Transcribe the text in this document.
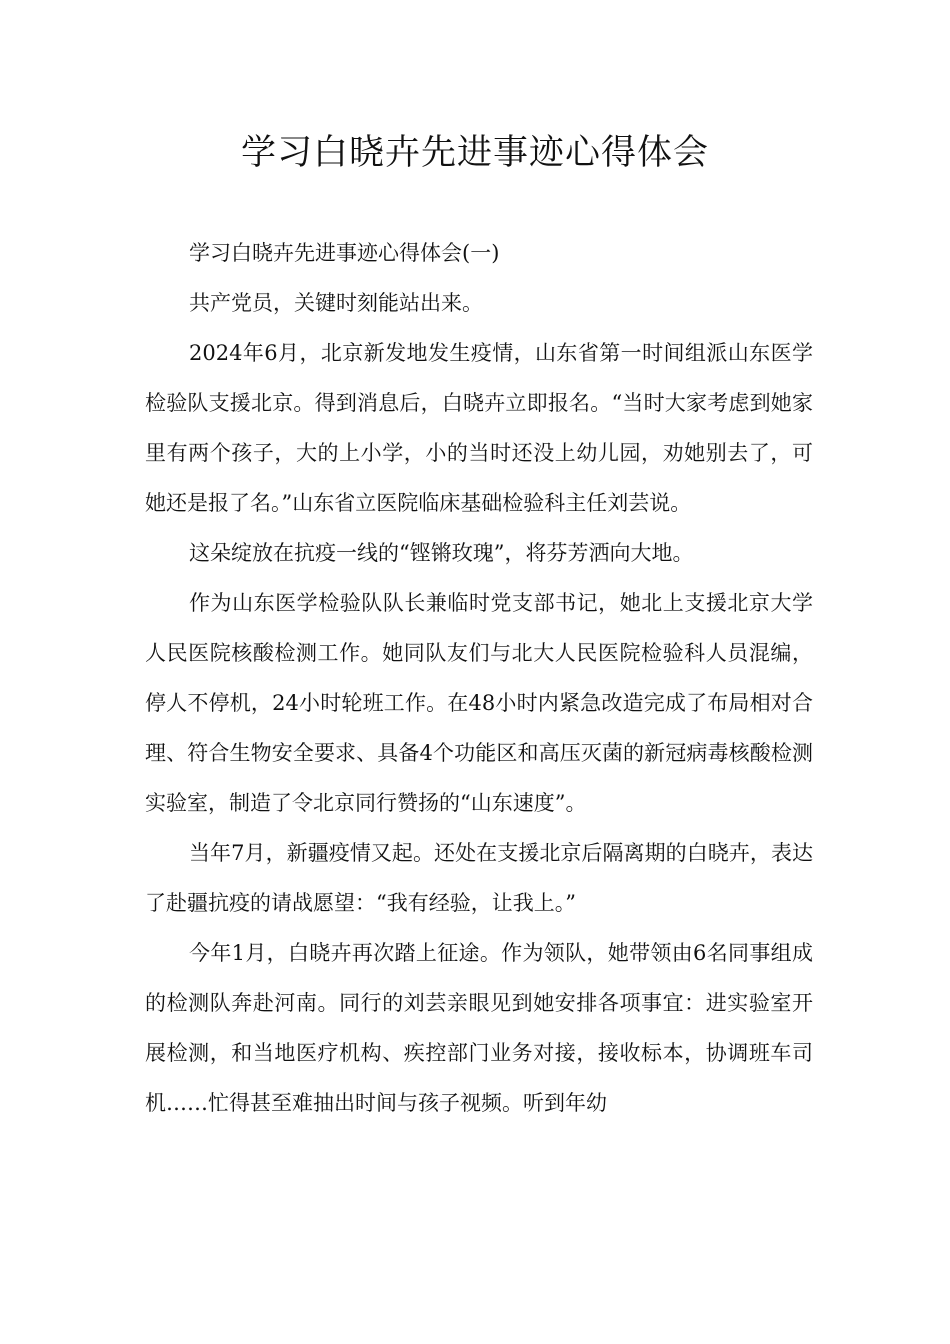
学习白晓卉先进事迹心得体会

学习白晓卉先进事迹心得体会(一)

共产党员，关键时刻能站出来。

2024年6月，北京新发地发生疫情，山东省第一时间组派山东医学检验队支援北京。得到消息后，白晓卉立即报名。“当时大家考虑到她家里有两个孩子，大的上小学，小的当时还没上幼儿园，劝她别去了，可她还是报了名。”山东省立医院临床基础检验科主任刘芸说。

这朵绽放在抗疫一线的“铿锵玫瑰”，将芬芳洒向大地。

作为山东医学检验队队长兼临时党支部书记，她北上支援北京大学人民医院核酸检测工作。她同队友们与北大人民医院检验科人员混编，停人不停机，24小时轮班工作。在48小时内紧急改造完成了布局相对合理、符合生物安全要求、具备4个功能区和高压灭菌的新冠病毒核酸检测实验室，制造了令北京同行赞扬的“山东速度”。

当年7月，新疆疫情又起。还处在支援北京后隔离期的白晓卉，表达了赴疆抗疫的请战愿望：“我有经验，让我上。”

今年1月，白晓卉再次踏上征途。作为领队，她带领由6名同事组成的检测队奔赴河南。同行的刘芸亲眼见到她安排各项事宜：进实验室开展检测，和当地医疗机构、疾控部门业务对接，接收标本，协调班车司机……忙得甚至难抽出时间与孩子视频。听到年幼
